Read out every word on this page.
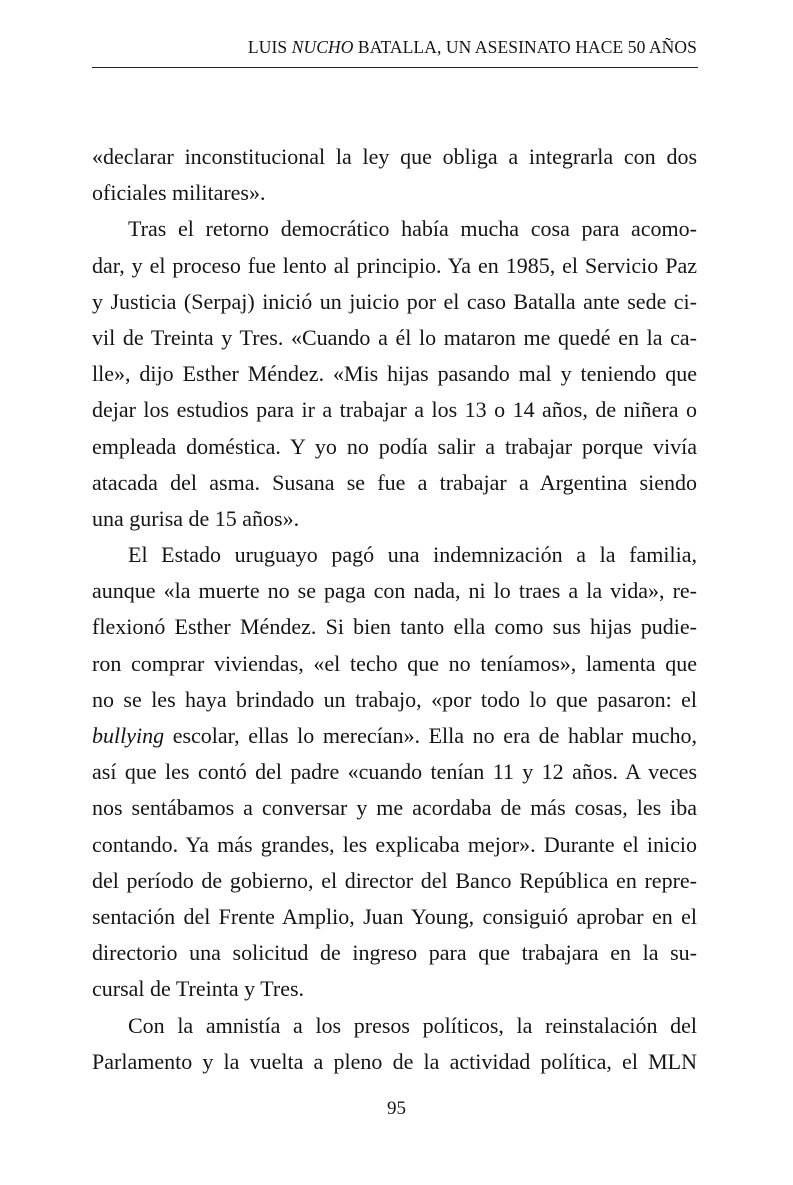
LUIS NUCHO BATALLA, UN ASESINATO HACE 50 AÑOS
«declarar inconstitucional la ley que obliga a integrarla con dos
oficiales militares».
Tras el retorno democrático había mucha cosa para acomo-
dar, y el proceso fue lento al principio. Ya en 1985, el Servicio Paz
y Justicia (Serpaj) inició un juicio por el caso Batalla ante sede ci-
vil de Treinta y Tres. «Cuando a él lo mataron me quedé en la ca-
lle», dijo Esther Méndez. «Mis hijas pasando mal y teniendo que
dejar los estudios para ir a trabajar a los 13 o 14 años, de niñera o
empleada doméstica. Y yo no podía salir a trabajar porque vivía
atacada del asma. Susana se fue a trabajar a Argentina siendo
una gurisa de 15 años».
El Estado uruguayo pagó una indemnización a la familia,
aunque «la muerte no se paga con nada, ni lo traes a la vida», re-
flexionó Esther Méndez. Si bien tanto ella como sus hijas pudie-
ron comprar viviendas, «el techo que no teníamos», lamenta que
no se les haya brindado un trabajo, «por todo lo que pasaron: el
bullying escolar, ellas lo merecían». Ella no era de hablar mucho,
así que les contó del padre «cuando tenían 11 y 12 años. A veces
nos sentábamos a conversar y me acordaba de más cosas, les iba
contando. Ya más grandes, les explicaba mejor». Durante el inicio
del período de gobierno, el director del Banco República en repre-
sentación del Frente Amplio, Juan Young, consiguió aprobar en el
directorio una solicitud de ingreso para que trabajara en la su-
cursal de Treinta y Tres.
Con la amnistía a los presos políticos, la reinstalación del
Parlamento y la vuelta a pleno de la actividad política, el MLN
95
